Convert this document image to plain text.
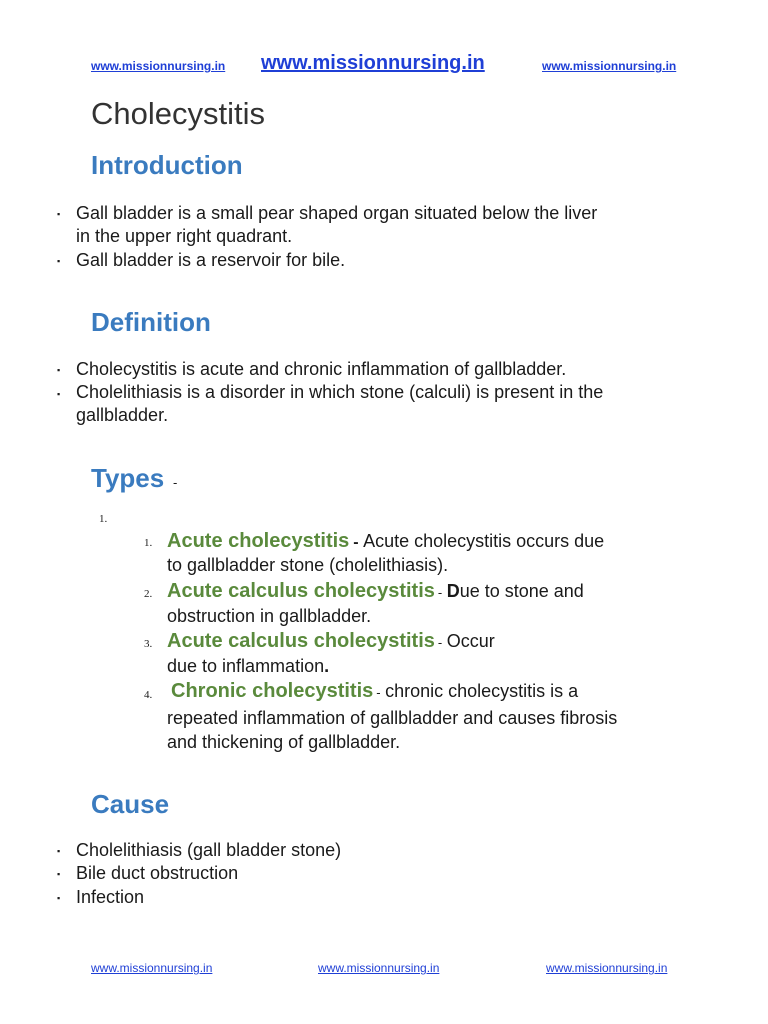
www.missionnursing.in www.missionnursing.in	www.missionnursing.in
Cholecystitis
Introduction
▪ Gall bladder is a small pear shaped organ situated below the liver
in the upper right quadrant.
▪ Gall bladder is a reservoir for bile.
Definition
▪ Cholecystitis is acute and chronic inflammation of gallbladder.
▪ Cholelithiasis is a disorder in which stone (calculi) is present in the
gallbladder.
Types -
1.
1. Acute cholecystitis - Acute cholecystitis occurs due
to gallbladder stone (cholelithiasis).
2. Acute calculus cholecystitis - Due to stone and
obstruction in gallbladder.
3. Acute calculus cholecystitis - Occur
due to inflammation.
4. Chronic cholecystitis - chronic cholecystitis is a
repeated inflammation of gallbladder and causes fibrosis
and thickening of gallbladder.
Cause
▪ Cholelithiasis (gall bladder stone)
▪ Bile duct obstruction
▪ Infection
www.missionnursing.in	www.missionnursing.in	www.missionnursing.in
